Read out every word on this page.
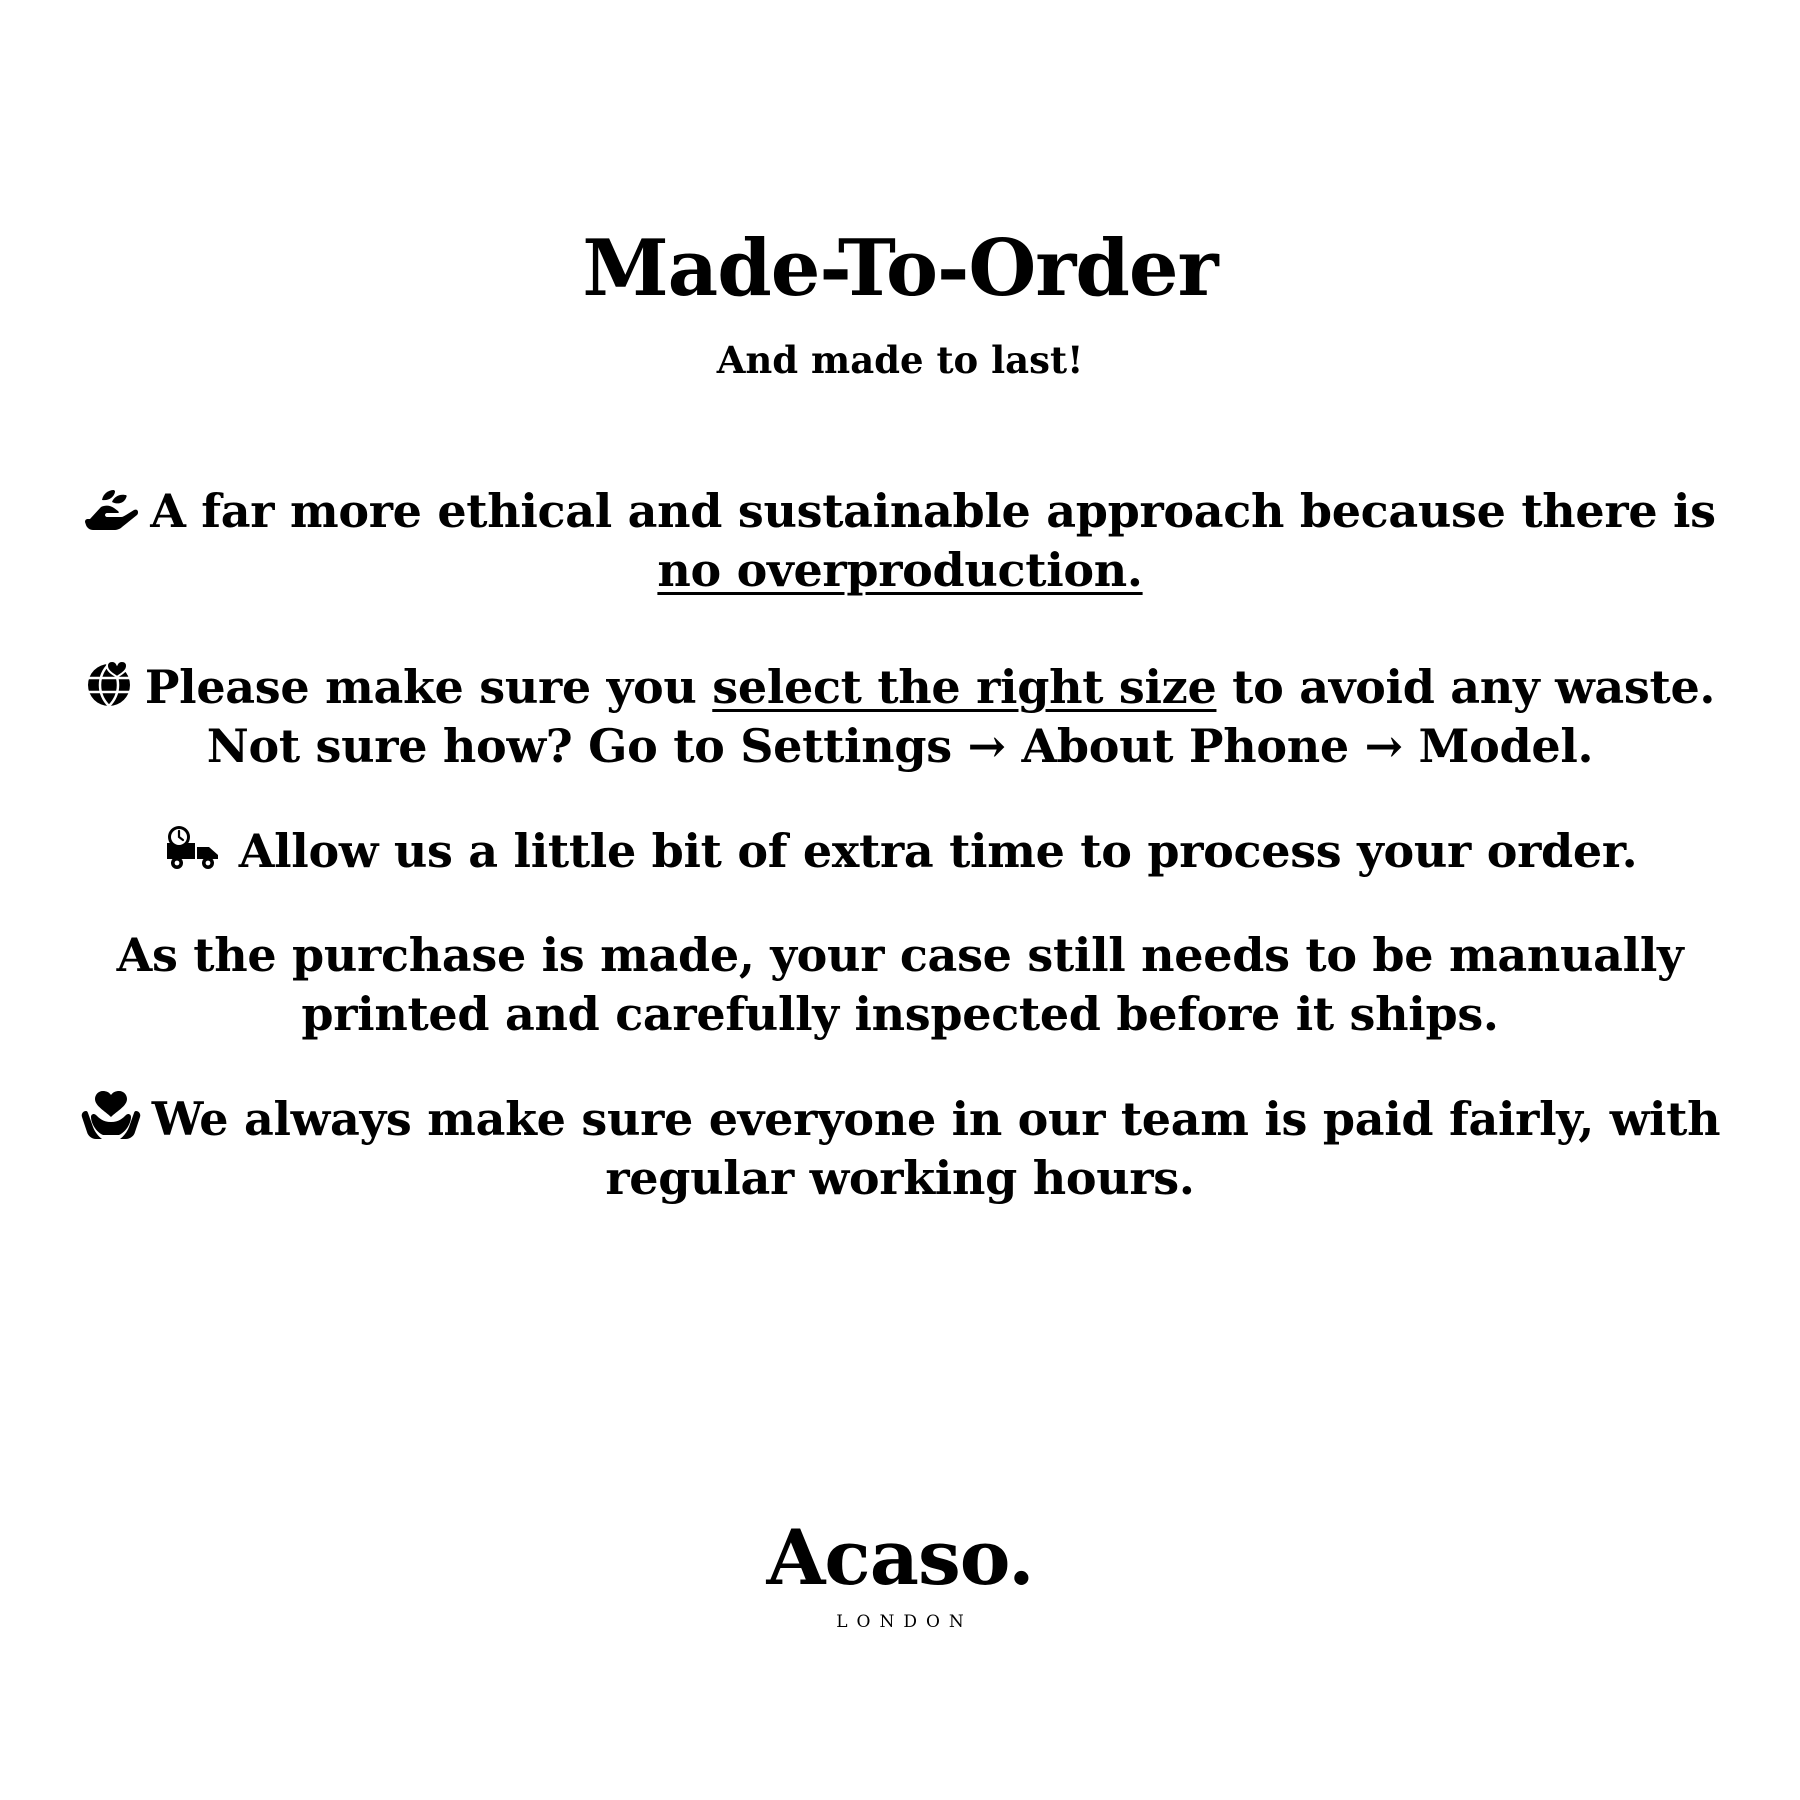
Made-To-Order
And made to last!

A far more ethical and sustainable approach because there is no overproduction.

Please make sure you select the right size to avoid any waste. Not sure how? Go to Settings → About Phone → Model.

Allow us a little bit of extra time to process your order.

As the purchase is made, your case still needs to be manually printed and carefully inspected before it ships.

We always make sure everyone in our team is paid fairly, with regular working hours.

Acaso.
LONDON
